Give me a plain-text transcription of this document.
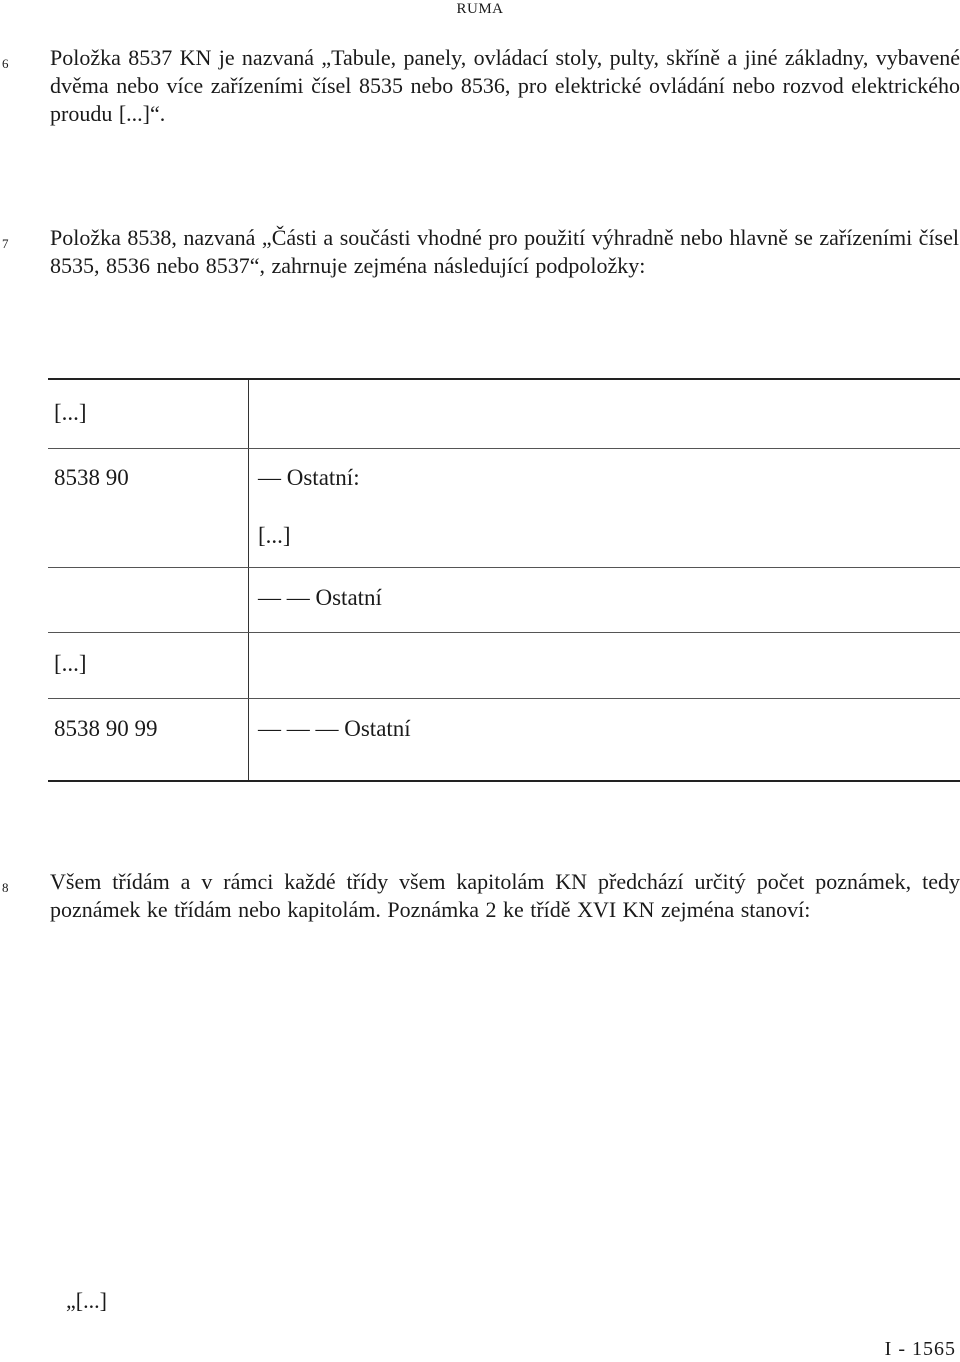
RUMA
6 Položka 8537 KN je nazvaná „Tabule, panely, ovládací stoly, pulty, skříně a jiné základny, vybavené dvěma nebo více zařízeními čísel 8535 nebo 8536, pro elektrické ovládání nebo rozvod elektrického proudu [...]“.
7 Položka 8538, nazvaná „Části a součásti vhodné pro použití výhradně nebo hlavně se zařízeními čísel 8535, 8536 nebo 8537“, zahrnuje zejména následující podpoložky:
[...]
8538 90	— Ostatní:
[...]
— — Ostatní
[...]
8538 90 99	— — — Ostatní
8 Všem třídám a v rámci každé třídy všem kapitolám KN předchází určitý počet poznámek, tedy poznámek ke třídám nebo kapitolám. Poznámka 2 ke třídě XVI KN zejména stanoví:
„[...]
I - 1565
